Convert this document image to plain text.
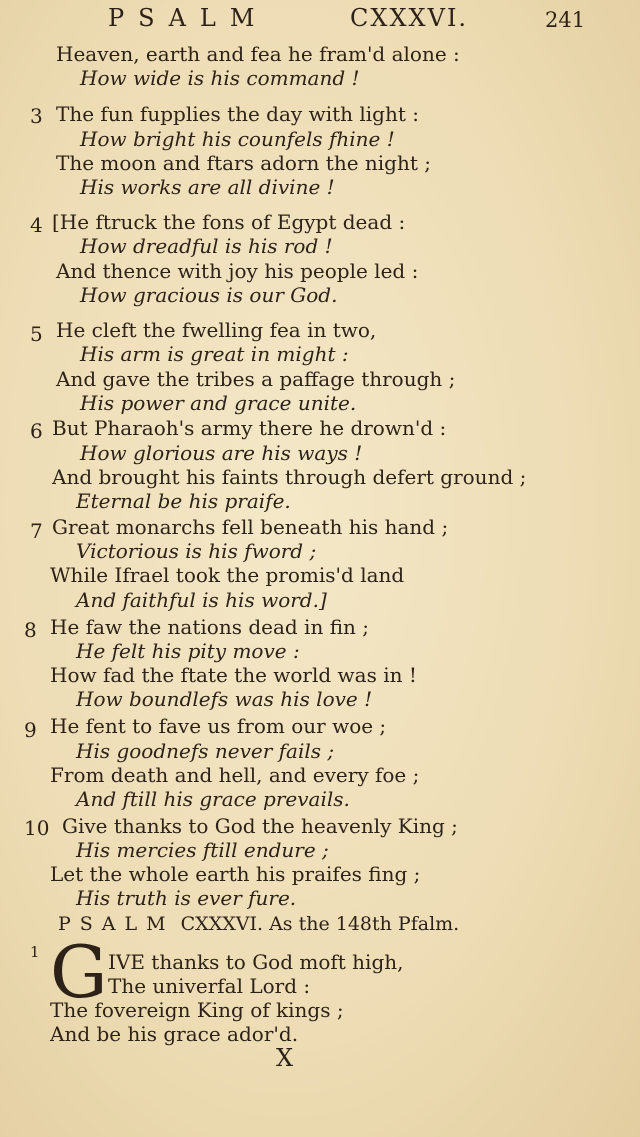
PSALM	CXXXVI.	241
Heaven, earth and fea he fram'd alone :
How wide is his command !
3 The fun fupplies the day with light :
How bright his counfels fhine !
The moon and ftars adorn the night ;
His works are all divine !
4 [He ftruck the fons of Egypt dead :
How dreadful is his rod !
And thence with joy his people led :
How gracious is our God.
5 He cleft the fwelling fea in two,
His arm is great in might :
And gave the tribes a paffage through ;
His power and grace unite.
6 But Pharaoh's army there he drown'd :
How glorious are his ways !
And brought his faints through defert ground ;
Eternal be his praife.
7 Great monarchs fell beneath his hand ;
Victorious is his fword ;
While Ifrael took the promis'd land
And faithful is his word.]
8 He faw the nations dead in fin ;
He felt his pity move :
How fad the ftate the world was in !
How boundlefs was his love !
9 He fent to fave us from our woe ;
His goodnefs never fails ;
From death and hell, and every foe ;
And ftill his grace prevails.
10 Give thanks to God the heavenly King ;
His mercies ftill endure ;
Let the whole earth his praifes fing ;
His truth is ever fure.
PSALM CXXXVI. As the 148th Pfalm.
1 G IVE thanks to God moft high,
The univerfal Lord :
The fovereign King of kings ;
And be his grace ador'd.
X
